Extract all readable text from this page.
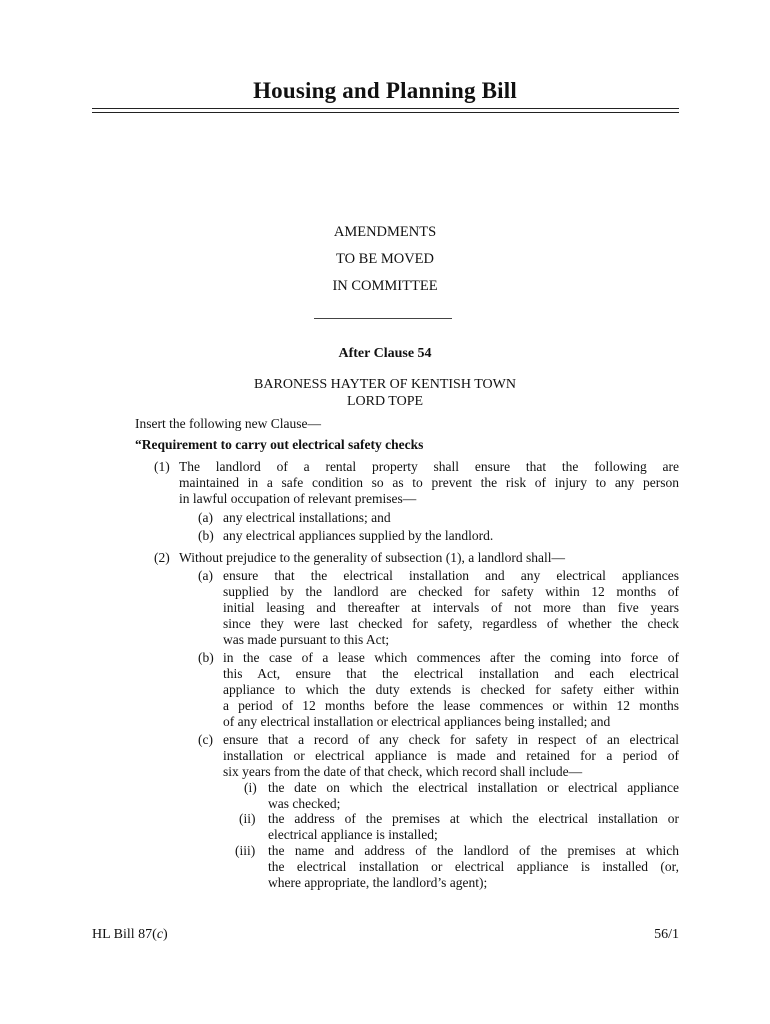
Housing and Planning Bill
AMENDMENTS
TO BE MOVED
IN COMMITTEE
After Clause 54
BARONESS HAYTER OF KENTISH TOWN
LORD TOPE
Insert the following new Clause—
“Requirement to carry out electrical safety checks
(1) The landlord of a rental property shall ensure that the following are
maintained in a safe condition so as to prevent the risk of injury to any person
in lawful occupation of relevant premises—
(a) any electrical installations; and
(b) any electrical appliances supplied by the landlord.
(2) Without prejudice to the generality of subsection (1), a landlord shall—
(a) ensure that the electrical installation and any electrical appliances
supplied by the landlord are checked for safety within 12 months of
initial leasing and thereafter at intervals of not more than five years
since they were last checked for safety, regardless of whether the check
was made pursuant to this Act;
(b) in the case of a lease which commences after the coming into force of
this Act, ensure that the electrical installation and each electrical
appliance to which the duty extends is checked for safety either within
a period of 12 months before the lease commences or within 12 months
of any electrical installation or electrical appliances being installed; and
(c) ensure that a record of any check for safety in respect of an electrical
installation or electrical appliance is made and retained for a period of
six years from the date of that check, which record shall include—
(i) the date on which the electrical installation or electrical appliance
was checked;
(ii) the address of the premises at which the electrical installation or
electrical appliance is installed;
(iii) the name and address of the landlord of the premises at which
the electrical installation or electrical appliance is installed (or,
where appropriate, the landlord’s agent);
HL Bill 87(c)	56/1
